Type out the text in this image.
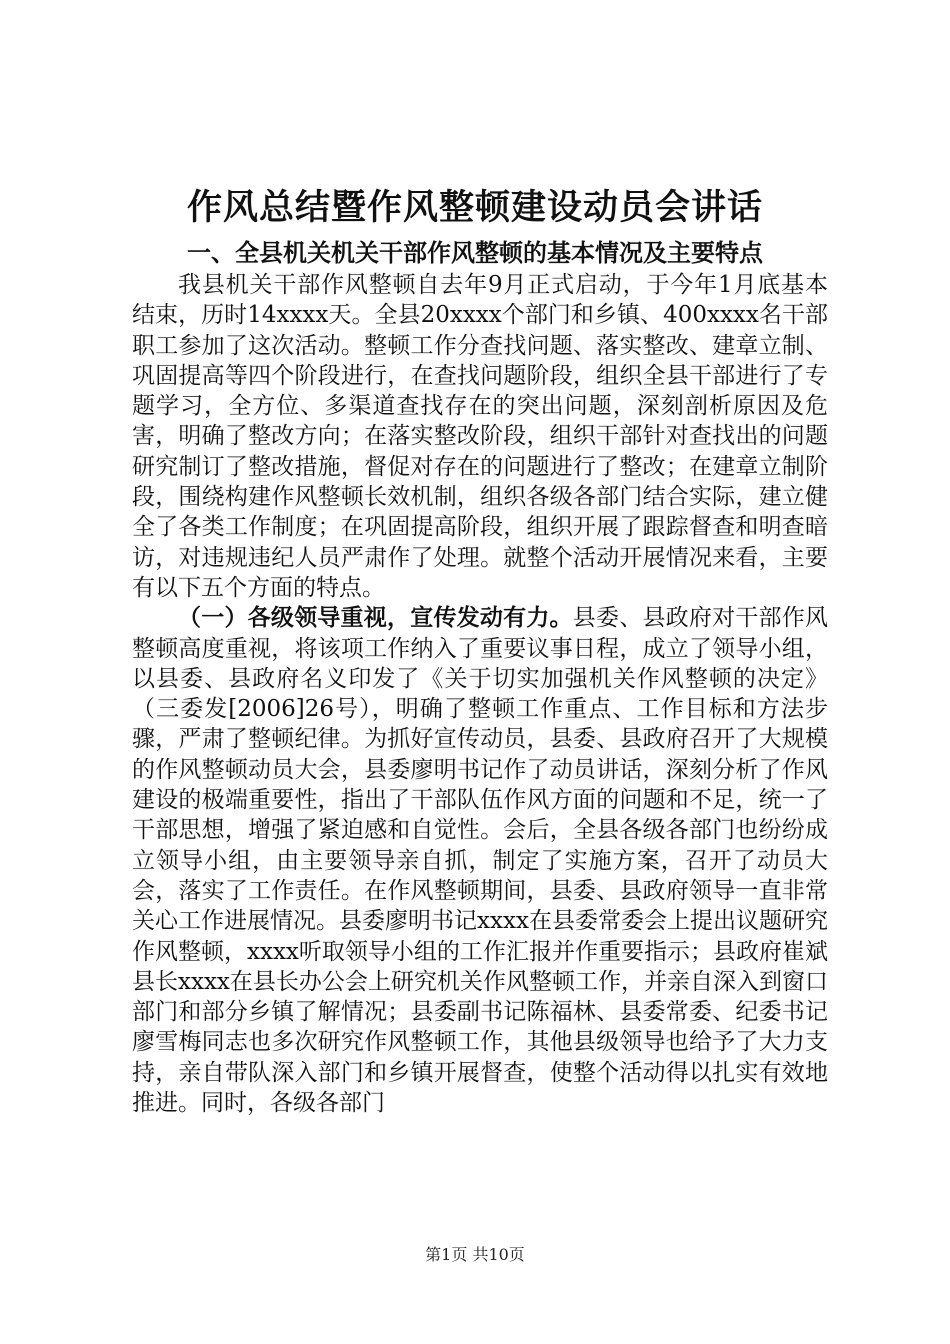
作风总结暨作风整顿建设动员会讲话
一、全县机关机关干部作风整顿的基本情况及主要特点

我县机关干部作风整顿自去年9月正式启动，于今年1月底基本结束，历时14xxxx天。全县20xxxx个部门和乡镇、400xxxx名干部职工参加了这次活动。整顿工作分查找问题、落实整改、建章立制、巩固提高等四个阶段进行，在查找问题阶段，组织全县干部进行了专题学习，全方位、多渠道查找存在的突出问题，深刻剖析原因及危害，明确了整改方向；在落实整改阶段，组织干部针对查找出的问题研究制订了整改措施，督促对存在的问题进行了整改；在建章立制阶段，围绕构建作风整顿长效机制，组织各级各部门结合实际，建立健全了各类工作制度；在巩固提高阶段，组织开展了跟踪督查和明查暗访，对违规违纪人员严肃作了处理。就整个活动开展情况来看，主要有以下五个方面的特点。

（一）各级领导重视，宣传发动有力。县委、县政府对干部作风整顿高度重视，将该项工作纳入了重要议事日程，成立了领导小组，以县委、县政府名义印发了《关于切实加强机关作风整顿的决定》（三委发[2006]26号），明确了整顿工作重点、工作目标和方法步骤，严肃了整顿纪律。为抓好宣传动员，县委、县政府召开了大规模的作风整顿动员大会，县委廖明书记作了动员讲话，深刻分析了作风建设的极端重要性，指出了干部队伍作风方面的问题和不足，统一了干部思想，增强了紧迫感和自觉性。会后，全县各级各部门也纷纷成立领导小组，由主要领导亲自抓，制定了实施方案，召开了动员大会，落实了工作责任。在作风整顿期间，县委、县政府领导一直非常关心工作进展情况。县委廖明书记xxxx在县委常委会上提出议题研究作风整顿，xxxx听取领导小组的工作汇报并作重要指示；县政府崔斌县长xxxx在县长办公会上研究机关作风整顿工作，并亲自深入到窗口部门和部分乡镇了解情况；县委副书记陈福林、县委常委、纪委书记廖雪梅同志也多次研究作风整顿工作，其他县级领导也给予了大力支持，亲自带队深入部门和乡镇开展督查，使整个活动得以扎实有效地推进。同时，各级各部门

第1页 共10页
